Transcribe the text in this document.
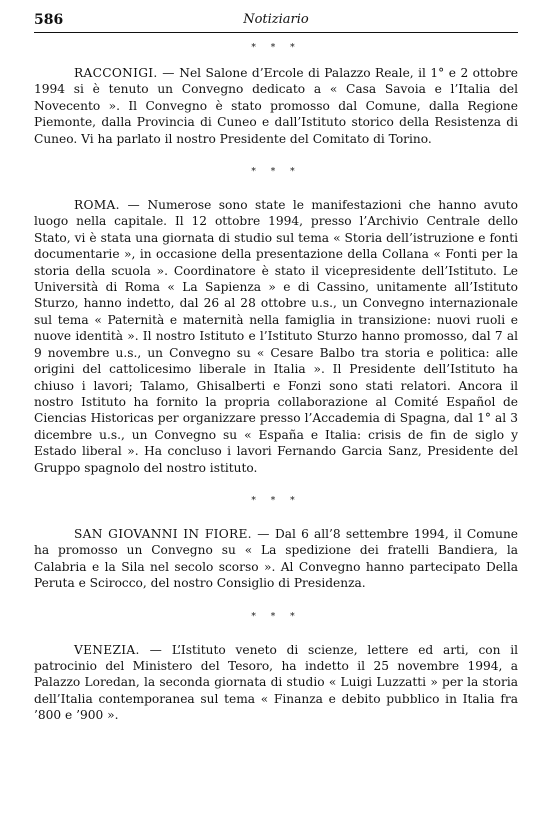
586	Notiziario
* * *

RACCONIGI. — Nel Salone d’Ercole di Palazzo Reale, il 1° e 2 ottobre 1994 si è tenuto un Convegno dedicato a « Casa Savoia e l’Italia del Novecento ». Il Convegno è stato promosso dal Comune, dalla Regione Piemonte, dalla Provincia di Cuneo e dall’Istituto storico della Resistenza di Cuneo. Vi ha parlato il nostro Presidente del Comitato di Torino.

* * *

ROMA. — Numerose sono state le manifestazioni che hanno avuto luogo nella capitale. Il 12 ottobre 1994, presso l’Archivio Centrale dello Stato, vi è stata una giornata di studio sul tema « Storia dell’istruzione e fonti documentarie », in occasione della presentazione della Collana « Fonti per la storia della scuola ». Coordinatore è stato il vicepresidente dell’Istituto. Le Università di Roma « La Sapienza » e di Cassino, unitamente all’Istituto Sturzo, hanno indetto, dal 26 al 28 ottobre u.s., un Convegno internazionale sul tema « Paternità e maternità nella famiglia in transizione: nuovi ruoli e nuove identità ». Il nostro Istituto e l’Istituto Sturzo hanno promosso, dal 7 al 9 novembre u.s., un Convegno su « Cesare Balbo tra storia e politica: alle origini del cattolicesimo liberale in Italia ». Il Presidente dell’Istituto ha chiuso i lavori; Talamo, Ghisalberti e Fonzi sono stati relatori. Ancora il nostro Istituto ha fornito la propria collaborazione al Comité Español de Ciencias Historicas per organizzare presso l’Accademia di Spagna, dal 1° al 3 dicembre u.s., un Convegno su « España e Italia: crisis de fin de siglo y Estado liberal ». Ha concluso i lavori Fernando Garcia Sanz, Presidente del Gruppo spagnolo del nostro istituto.

* * *

SAN GIOVANNI IN FIORE. — Dal 6 all’8 settembre 1994, il Comune ha promosso un Convegno su « La spedizione dei fratelli Bandiera, la Calabria e la Sila nel secolo scorso ». Al Convegno hanno partecipato Della Peruta e Scirocco, del nostro Consiglio di Presidenza.

* * *

VENEZIA. — L’Istituto veneto di scienze, lettere ed arti, con il patrocinio del Ministero del Tesoro, ha indetto il 25 novembre 1994, a Palazzo Loredan, la seconda giornata di studio « Luigi Luzzatti » per la storia dell’Italia contemporanea sul tema « Finanza e debito pubblico in Italia fra ’800 e ’900 ».
